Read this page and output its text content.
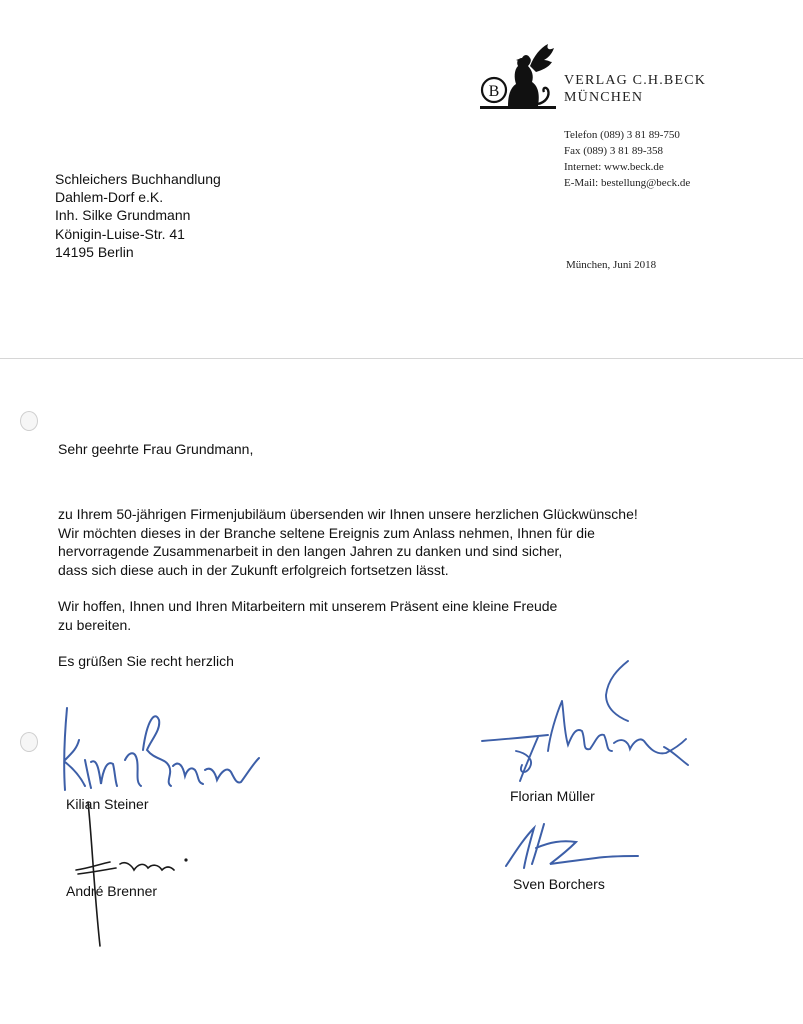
B
VERLAG C.H.BECK
MÜNCHEN
Telefon (089) 3 81 89-750
Fax (089) 3 81 89-358
Internet: www.beck.de
E-Mail: bestellung@beck.de
Schleichers Buchhandlung
Dahlem-Dorf e.K.
Inh. Silke Grundmann
Königin-Luise-Str. 41
14195 Berlin
München, Juni 2018
Sehr geehrte Frau Grundmann,
zu Ihrem 50-jährigen Firmenjubiläum übersenden wir Ihnen unsere herzlichen Glückwünsche!
Wir möchten dieses in der Branche seltene Ereignis zum Anlass nehmen, Ihnen für die
hervorragende Zusammenarbeit in den langen Jahren zu danken und sind sicher,
dass sich diese auch in der Zukunft erfolgreich fortsetzen lässt.
Wir hoffen, Ihnen und Ihren Mitarbeitern mit unserem Präsent eine kleine Freude
zu bereiten.
Es grüßen Sie recht herzlich
Kilian Steiner
André Brenner
Florian Müller
Sven Borchers
